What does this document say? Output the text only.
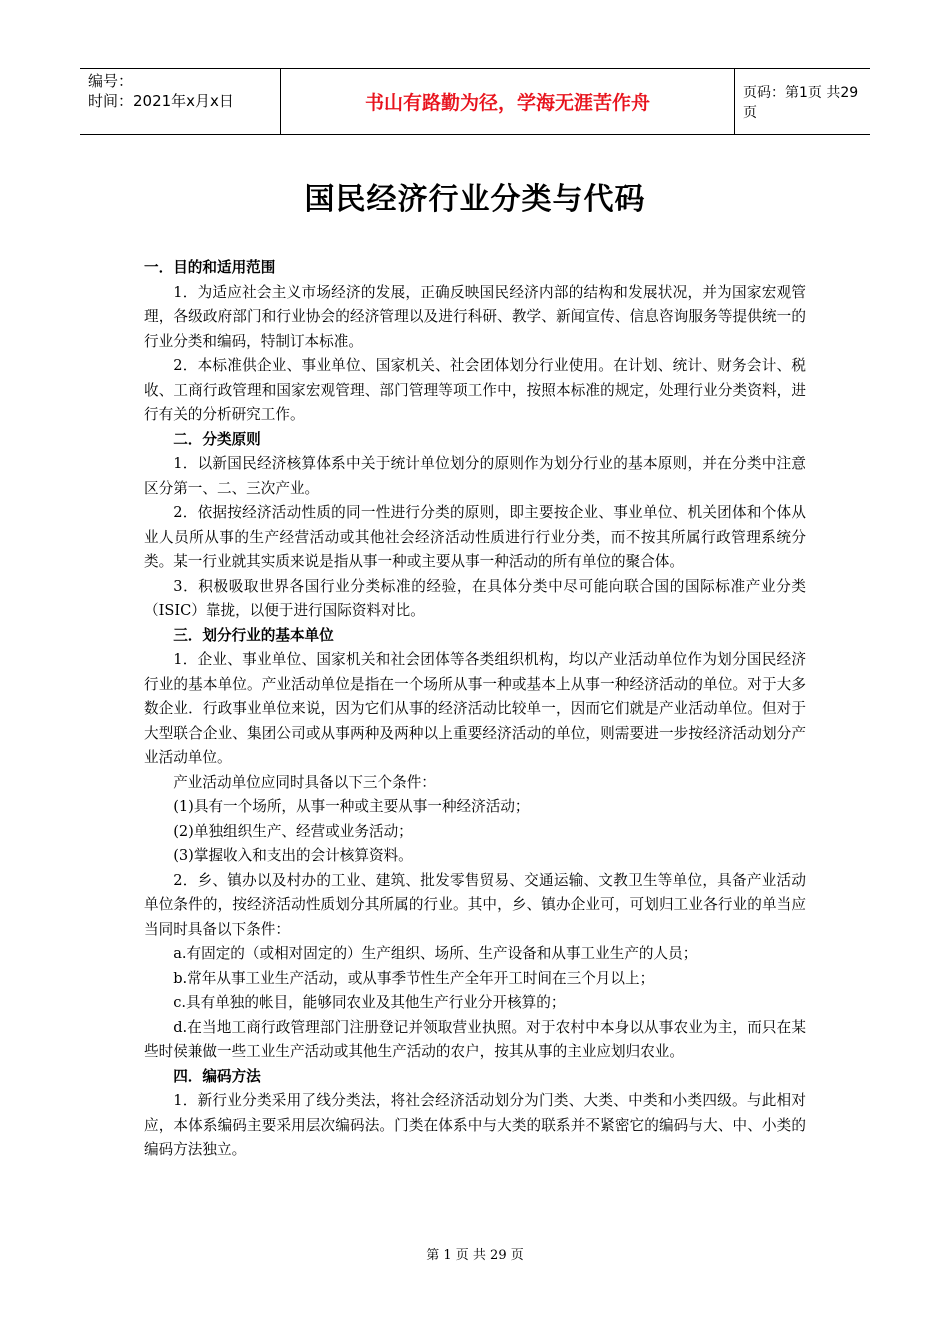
编号：
时间：2021年x月x日	书山有路勤为径，学海无涯苦作舟	页码：第1页 共29页
国民经济行业分类与代码

一．目的和适用范围

1．为适应社会主义市场经济的发展，正确反映国民经济内部的结构和发展状况，并为国家宏观管理，各级政府部门和行业协会的经济管理以及进行科研、教学、新闻宣传、信息咨询服务等提供统一的行业分类和编码，特制订本标准。

2．本标准供企业、事业单位、国家机关、社会团体划分行业使用。在计划、统计、财务会计、税收、工商行政管理和国家宏观管理、部门管理等项工作中，按照本标准的规定，处理行业分类资料，进行有关的分析研究工作。

二．分类原则

1．以新国民经济核算体系中关于统计单位划分的原则作为划分行业的基本原则，并在分类中注意区分第一、二、三次产业。

2．依据按经济活动性质的同一性进行分类的原则，即主要按企业、事业单位、机关团体和个体从业人员所从事的生产经营活动或其他社会经济活动性质进行行业分类，而不按其所属行政管理系统分类。某一行业就其实质来说是指从事一种或主要从事一种活动的所有单位的聚合体。

3．积极吸取世界各国行业分类标准的经验，在具体分类中尽可能向联合国的国际标准产业分类（ISIC）靠拢，以便于进行国际资料对比。

三．划分行业的基本单位

1．企业、事业单位、国家机关和社会团体等各类组织机构，均以产业活动单位作为划分国民经济行业的基本单位。产业活动单位是指在一个场所从事一种或基本上从事一种经济活动的单位。对于大多数企业．行政事业单位来说，因为它们从事的经济活动比较单一，因而它们就是产业活动单位。但对于大型联合企业、集团公司或从事两种及两种以上重要经济活动的单位，则需要进一步按经济活动划分产业活动单位。

产业活动单位应同时具备以下三个条件：

(1)具有一个场所，从事一种或主要从事一种经济活动；

(2)单独组织生产、经营或业务活动；

(3)掌握收入和支出的会计核算资料。

2．乡、镇办以及村办的工业、建筑、批发零售贸易、交通运输、文教卫生等单位，具备产业活动单位条件的，按经济活动性质划分其所属的行业。其中，乡、镇办企业可，可划归工业各行业的单当应当同时具备以下条件：

a.有固定的（或相对固定的）生产组织、场所、生产设备和从事工业生产的人员；

b.常年从事工业生产活动，或从事季节性生产全年开工时间在三个月以上；

c.具有单独的帐目，能够同农业及其他生产行业分开核算的；

d.在当地工商行政管理部门注册登记并领取营业执照。对于农村中本身以从事农业为主，而只在某些时侯兼做一些工业生产活动或其他生产活动的农户，按其从事的主业应划归农业。

四．编码方法

1．新行业分类采用了线分类法，将社会经济活动划分为门类、大类、中类和小类四级。与此相对应，本体系编码主要采用层次编码法。门类在体系中与大类的联系并不紧密它的编码与大、中、小类的编码方法独立。

第 1 页 共 29 页
